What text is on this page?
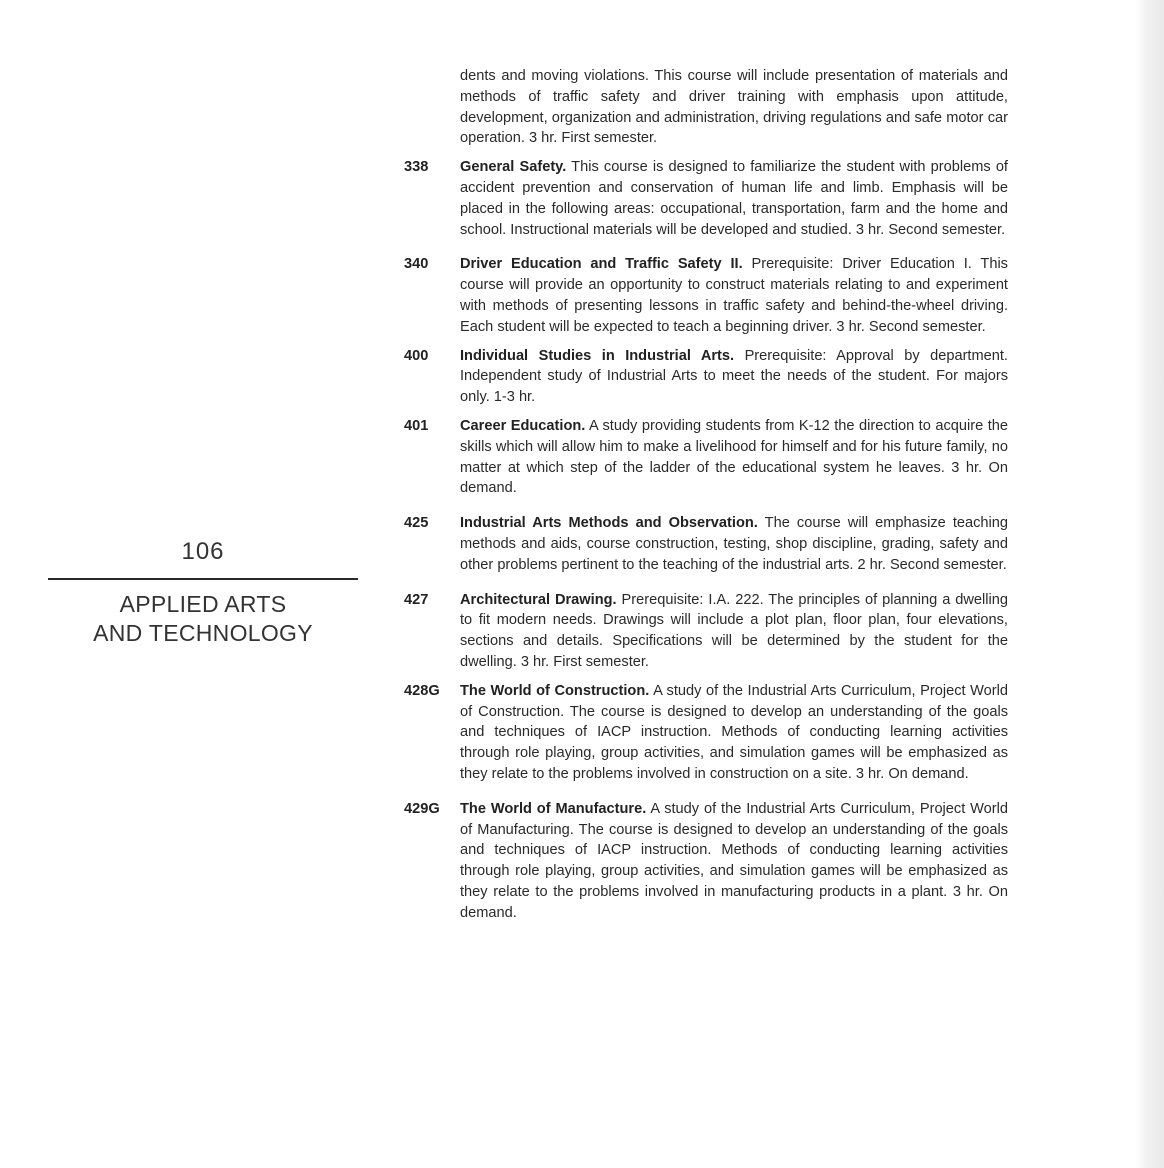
106
APPLIED ARTS
AND TECHNOLOGY
dents and moving violations. This course will include presentation of materials and methods of traffic safety and driver training with emphasis upon attitude, development, organization and administration, driving regulations and safe motor car operation. 3 hr. First semester.
338	General Safety. This course is designed to familiarize the student with problems of accident prevention and conservation of human life and limb. Emphasis will be placed in the following areas: occupational, transportation, farm and the home and school. Instructional materials will be developed and studied. 3 hr. Second semester.
340	Driver Education and Traffic Safety II. Prerequisite: Driver Education I. This course will provide an opportunity to construct materials relating to and experiment with methods of presenting lessons in traffic safety and behind-the-wheel driving. Each student will be expected to teach a beginning driver. 3 hr. Second semester.
400	Individual Studies in Industrial Arts. Prerequisite: Approval by department. Independent study of Industrial Arts to meet the needs of the student. For majors only. 1-3 hr.
401	Career Education. A study providing students from K-12 the direction to acquire the skills which will allow him to make a livelihood for himself and for his future family, no matter at which step of the ladder of the educational system he leaves. 3 hr. On demand.
425	Industrial Arts Methods and Observation. The course will emphasize teaching methods and aids, course construction, testing, shop discipline, grading, safety and other problems pertinent to the teaching of the industrial arts. 2 hr. Second semester.
427	Architectural Drawing. Prerequisite: I.A. 222. The principles of planning a dwelling to fit modern needs. Drawings will include a plot plan, floor plan, four elevations, sections and details. Specifications will be determined by the student for the dwelling. 3 hr. First semester.
428G	The World of Construction. A study of the Industrial Arts Curriculum, Project World of Construction. The course is designed to develop an understanding of the goals and techniques of IACP instruction. Methods of conducting learning activities through role playing, group activities, and simulation games will be emphasized as they relate to the problems involved in construction on a site. 3 hr. On demand.
429G	The World of Manufacture. A study of the Industrial Arts Curriculum, Project World of Manufacturing. The course is designed to develop an understanding of the goals and techniques of IACP instruction. Methods of conducting learning activities through role playing, group activities, and simulation games will be emphasized as they relate to the problems involved in manufacturing products in a plant. 3 hr. On demand.
